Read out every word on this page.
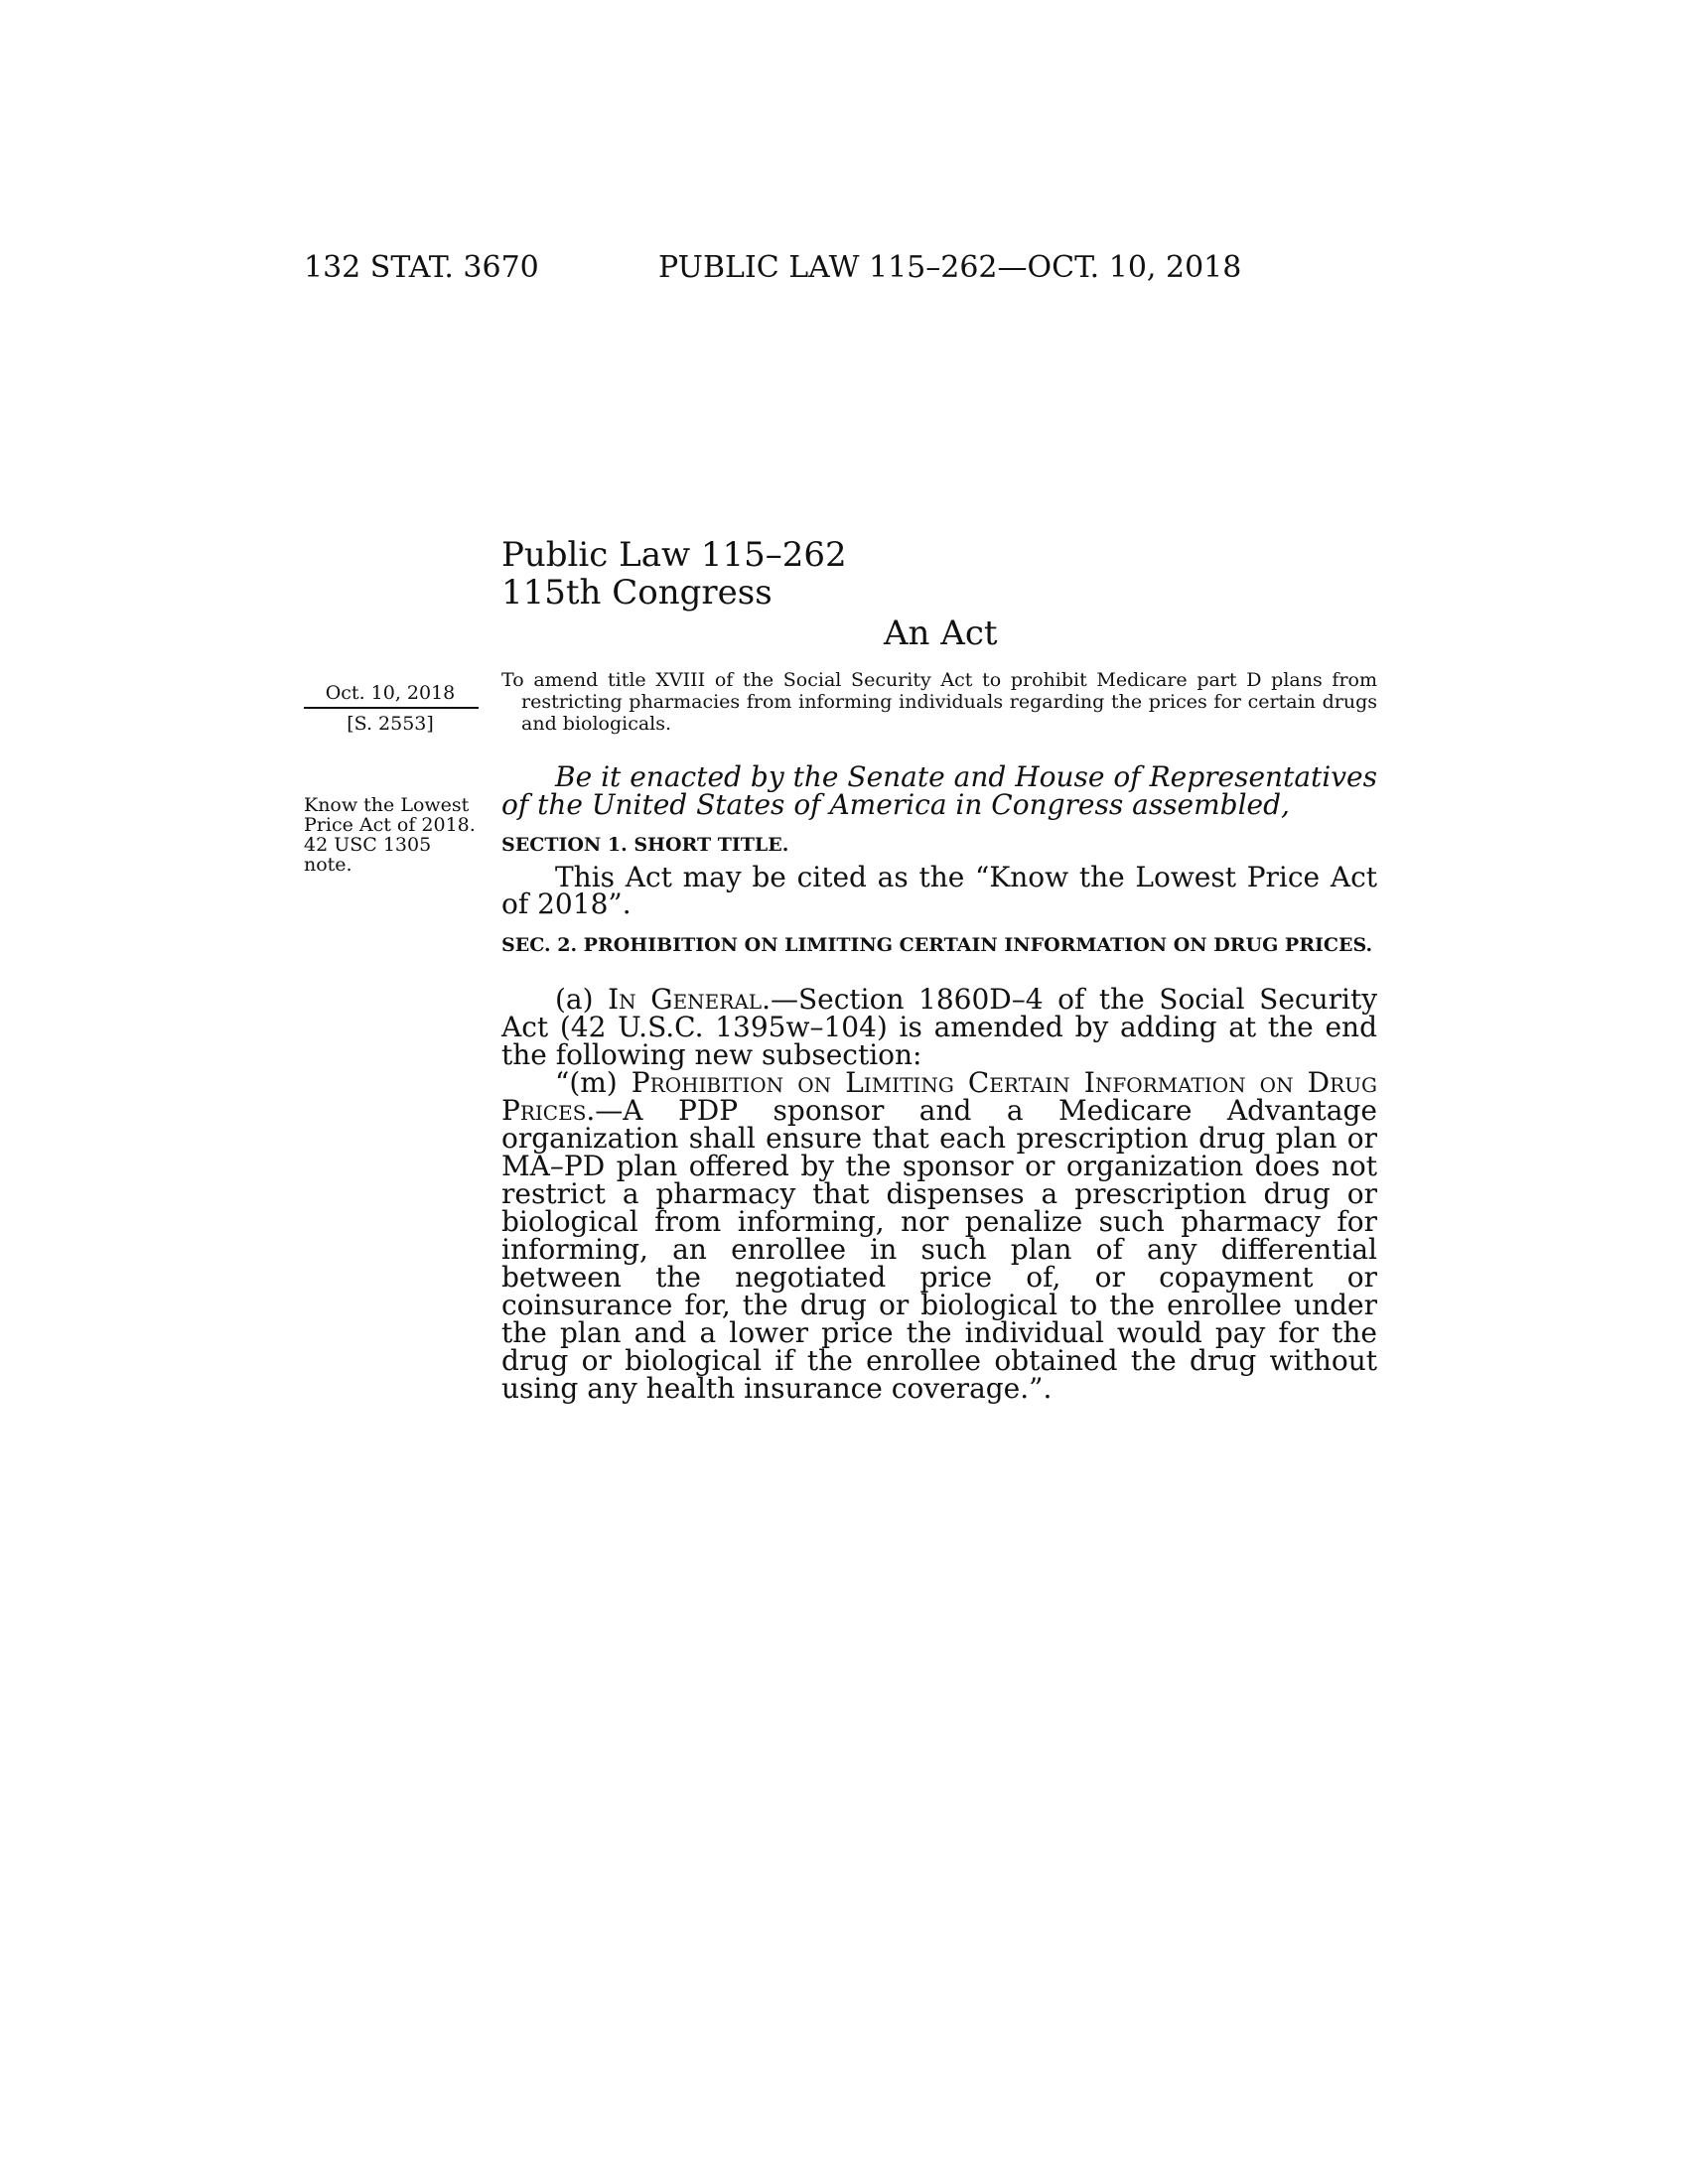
132 STAT. 3670	PUBLIC LAW 115–262—OCT. 10, 2018
Public Law 115–262
115th Congress
An Act
Oct. 10, 2018
[S. 2553]
Know the Lowest
Price Act of 2018.
42 USC 1305
note.
To amend title XVIII of the Social Security Act to prohibit Medicare part D plans from restricting pharmacies from informing individuals regarding the prices for certain drugs and biologicals.
Be it enacted by the Senate and House of Representatives of the United States of America in Congress assembled,
SECTION 1. SHORT TITLE.
This Act may be cited as the “Know the Lowest Price Act of 2018”.
SEC. 2. PROHIBITION ON LIMITING CERTAIN INFORMATION ON DRUG PRICES.
(a) In General.—Section 1860D–4 of the Social Security Act (42 U.S.C. 1395w–104) is amended by adding at the end the following new subsection:
“(m) Prohibition on Limiting Certain Information on Drug Prices.—A PDP sponsor and a Medicare Advantage organization shall ensure that each prescription drug plan or MA–PD plan offered by the sponsor or organization does not restrict a pharmacy that dispenses a prescription drug or biological from informing, nor penalize such pharmacy for informing, an enrollee in such plan of any differential between the negotiated price of, or copayment or coinsurance for, the drug or biological to the enrollee under the plan and a lower price the individual would pay for the drug or biological if the enrollee obtained the drug without using any health insurance coverage.”.
